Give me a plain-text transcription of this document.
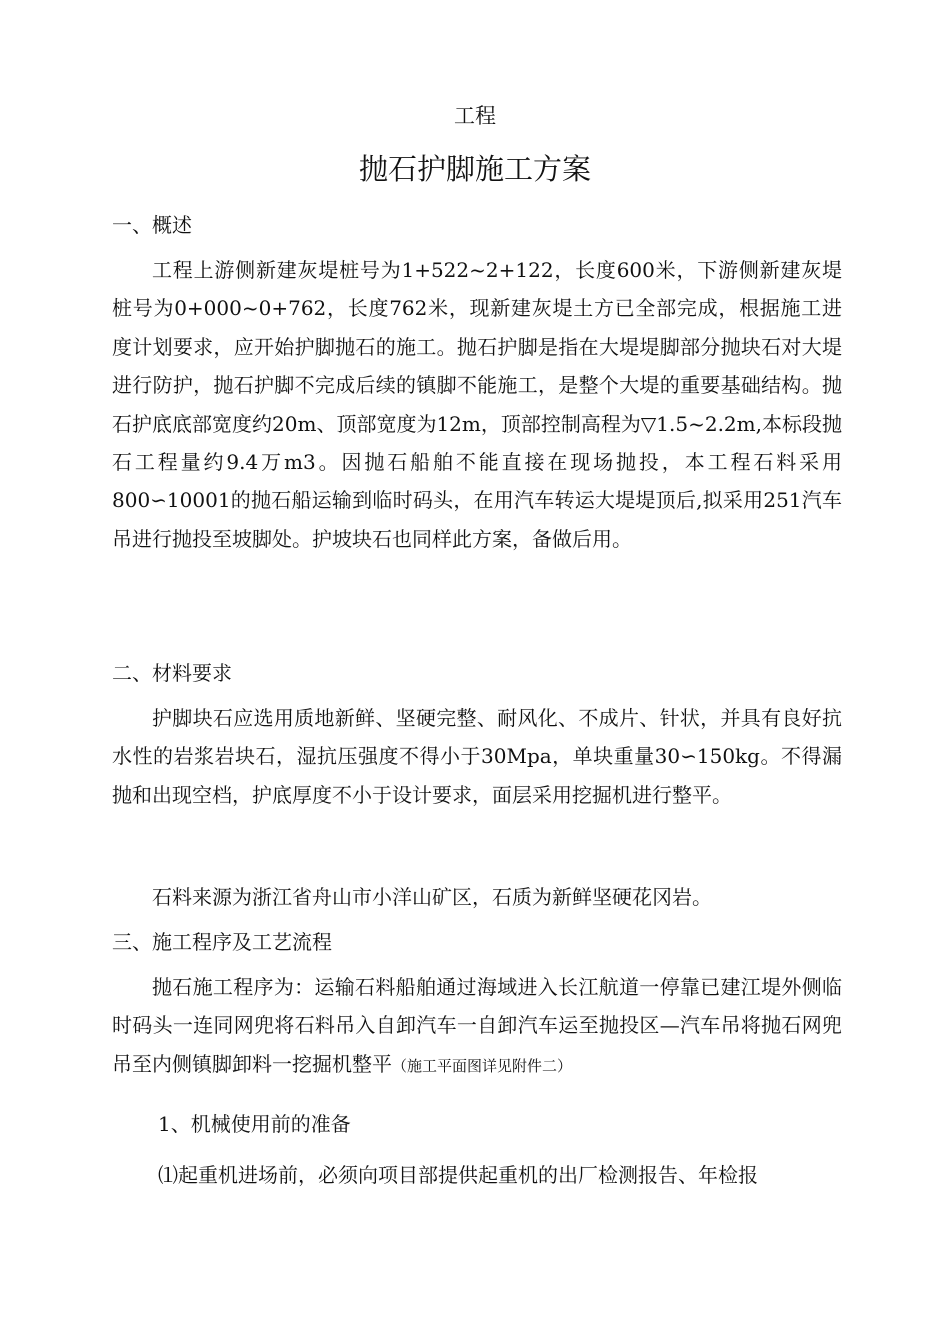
工程
抛石护脚施工方案
一、概述

工程上游侧新建灰堤桩号为1+522~2+122，长度600米，下游侧新建灰堤桩号为0+000~0+762，长度762米，现新建灰堤土方已全部完成，根据施工进度计划要求，应开始护脚抛石的施工。抛石护脚是指在大堤堤脚部分抛块石对大堤进行防护，抛石护脚不完成后续的镇脚不能施工，是整个大堤的重要基础结构。抛石护底底部宽度约20m、顶部宽度为12m，顶部控制高程为▽1.5~2.2m,本标段抛石工程量约9.4万m3。因抛石船舶不能直接在现场抛投，本工程石料采用800∽10001的抛石船运输到临时码头，在用汽车转运大堤堤顶后,拟采用251汽车吊进行抛投至坡脚处。护坡块石也同样此方案，备做后用。

二、材料要求

护脚块石应选用质地新鲜、坚硬完整、耐风化、不成片、针状，并具有良好抗水性的岩浆岩块石，湿抗压强度不得小于30Mpa，单块重量30∽150kg。不得漏抛和出现空档，护底厚度不小于设计要求，面层采用挖掘机进行整平。

石料来源为浙江省舟山市小洋山矿区，石质为新鲜坚硬花冈岩。

三、施工程序及工艺流程

抛石施工程序为：运输石料船舶通过海域进入长江航道一停靠已建江堤外侧临时码头一连同网兜将石料吊入自卸汽车一自卸汽车运至抛投区—汽车吊将抛石网兜吊至内侧镇脚卸料一挖掘机整平（施工平面图详见附件二）

1、机械使用前的准备
⑴起重机进场前，必须向项目部提供起重机的出厂检测报告、年检报
